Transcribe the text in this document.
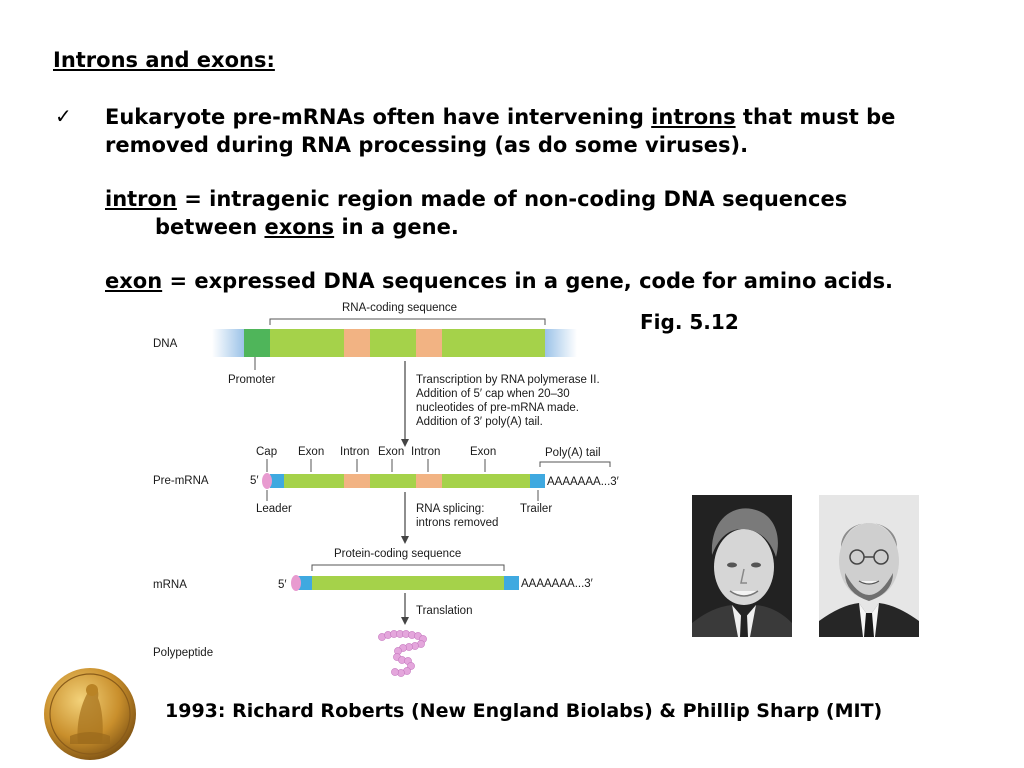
Introns and exons:
✓ Eukaryote pre-mRNAs often have intervening introns that must be removed during RNA processing (as do some viruses).
intron = intragenic region made of non-coding DNA sequences
between exons in a gene.
exon = expressed DNA sequences in a gene, code for amino acids.
Fig. 5.12
RNA-coding sequence
DNA
Promoter	Transcription by RNA polymerase II.
Addition of 5′ cap when 20–30
nucleotides of pre-mRNA made.
Addition of 3′ poly(A) tail.
Cap Exon Intron Exon Intron	Exon	Poly(A) tail
Pre-mRNA	5′	AAAAAAA...3′
Leader	Trailer
RNA splicing:
introns removed
Protein-coding sequence
mRNA	5′	AAAAAAA...3′
Translation
Polypeptide
1993: Richard Roberts (New England Biolabs) & Phillip Sharp (MIT)
